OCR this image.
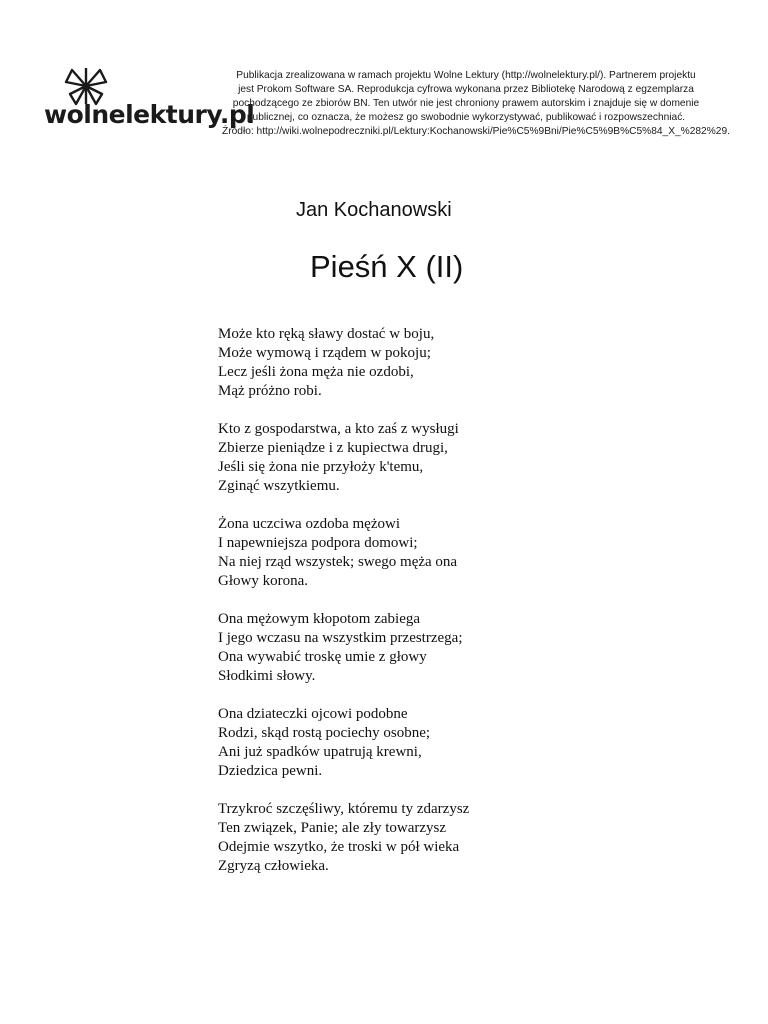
wolnelektury.pl
Publikacja zrealizowana w ramach projektu Wolne Lektury (http://wolnelektury.pl/). Partnerem projektu
jest Prokom Software SA. Reprodukcja cyfrowa wykonana przez Bibliotekę Narodową z egzemplarza
pochodzącego ze zbiorów BN. Ten utwór nie jest chroniony prawem autorskim i znajduje się w domenie
publicznej, co oznacza, że możesz go swobodnie wykorzystywać, publikować i rozpowszechniać.
Źródło: http://wiki.wolnepodreczniki.pl/Lektury:Kochanowski/Pie%C5%9Bni/Pie%C5%9B%C5%84_X_%282%29.
Jan Kochanowski
Pieśń X (II)
Może kto ręką sławy dostać w boju,
Może wymową i rządem w pokoju;
Lecz jeśli żona męża nie ozdobi,
Mąż próżno robi.
Kto z gospodarstwa, a kto zaś z wysługi
Zbierze pieniądze i z kupiectwa drugi,
Jeśli się żona nie przyłoży k'temu,
Zginąć wszytkiemu.
Żona uczciwa ozdoba mężowi
I napewniejsza podpora domowi;
Na niej rząd wszystek; swego męża ona
Głowy korona.
Ona mężowym kłopotom zabiega
I jego wczasu na wszystkim przestrzega;
Ona wywabić troskę umie z głowy
Słodkimi słowy.
Ona dziateczki ojcowi podobne
Rodzi, skąd rostą pociechy osobne;
Ani już spadków upatrują krewni,
Dziedzica pewni.
Trzykroć szczęśliwy, któremu ty zdarzysz
Ten związek, Panie; ale zły towarzysz
Odejmie wszytko, że troski w pół wieka
Zgryzą człowieka.
